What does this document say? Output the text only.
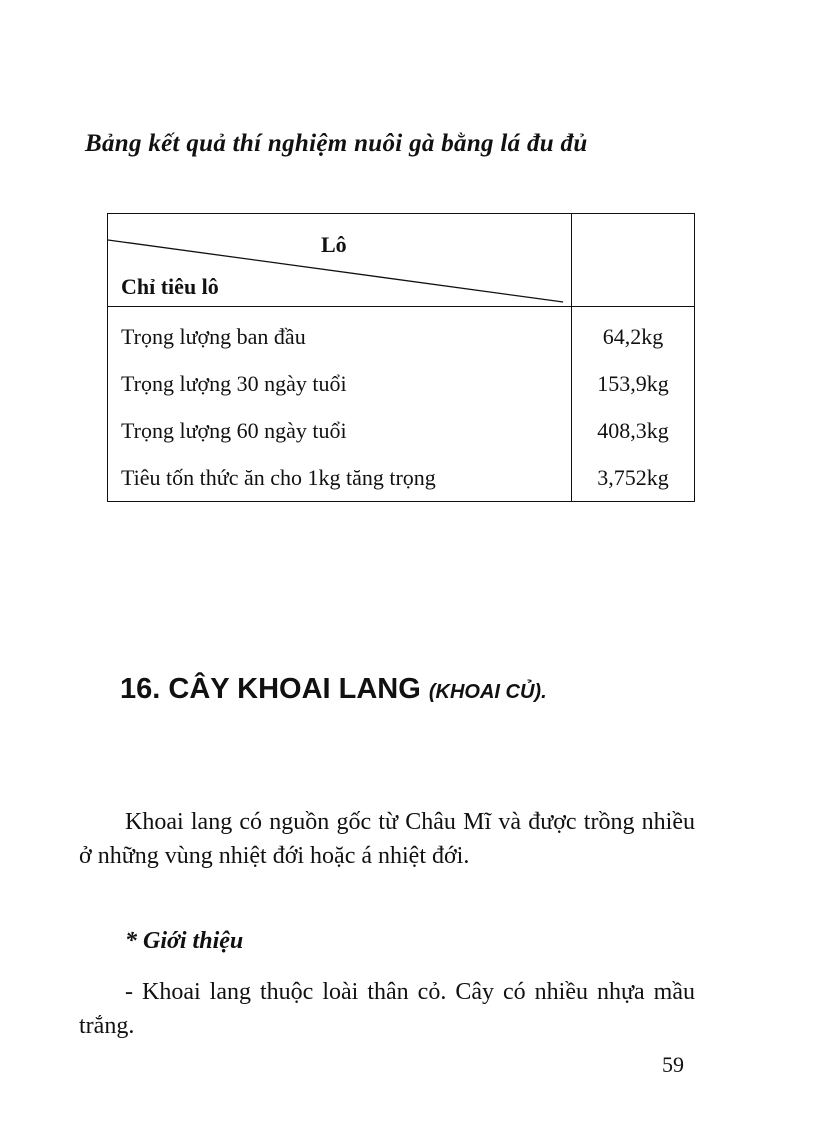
Bảng kết quả thí nghiệm nuôi gà bằng lá đu đủ
Lô
Chỉ tiêu lô	

Trọng lượng ban đầu	64,2kg
Trọng lượng 30 ngày tuổi	153,9kg
Trọng lượng 60 ngày tuổi	408,3kg
Tiêu tốn thức ăn cho 1kg tăng trọng	3,752kg
16. CÂY KHOAI LANG (KHOAI CỦ).

Khoai lang có nguồn gốc từ Châu Mĩ và được trồng nhiều ở những vùng nhiệt đới hoặc á nhiệt đới.

* Giới thiệu

- Khoai lang thuộc loài thân cỏ. Cây có nhiều nhựa mầu trắng.

59
